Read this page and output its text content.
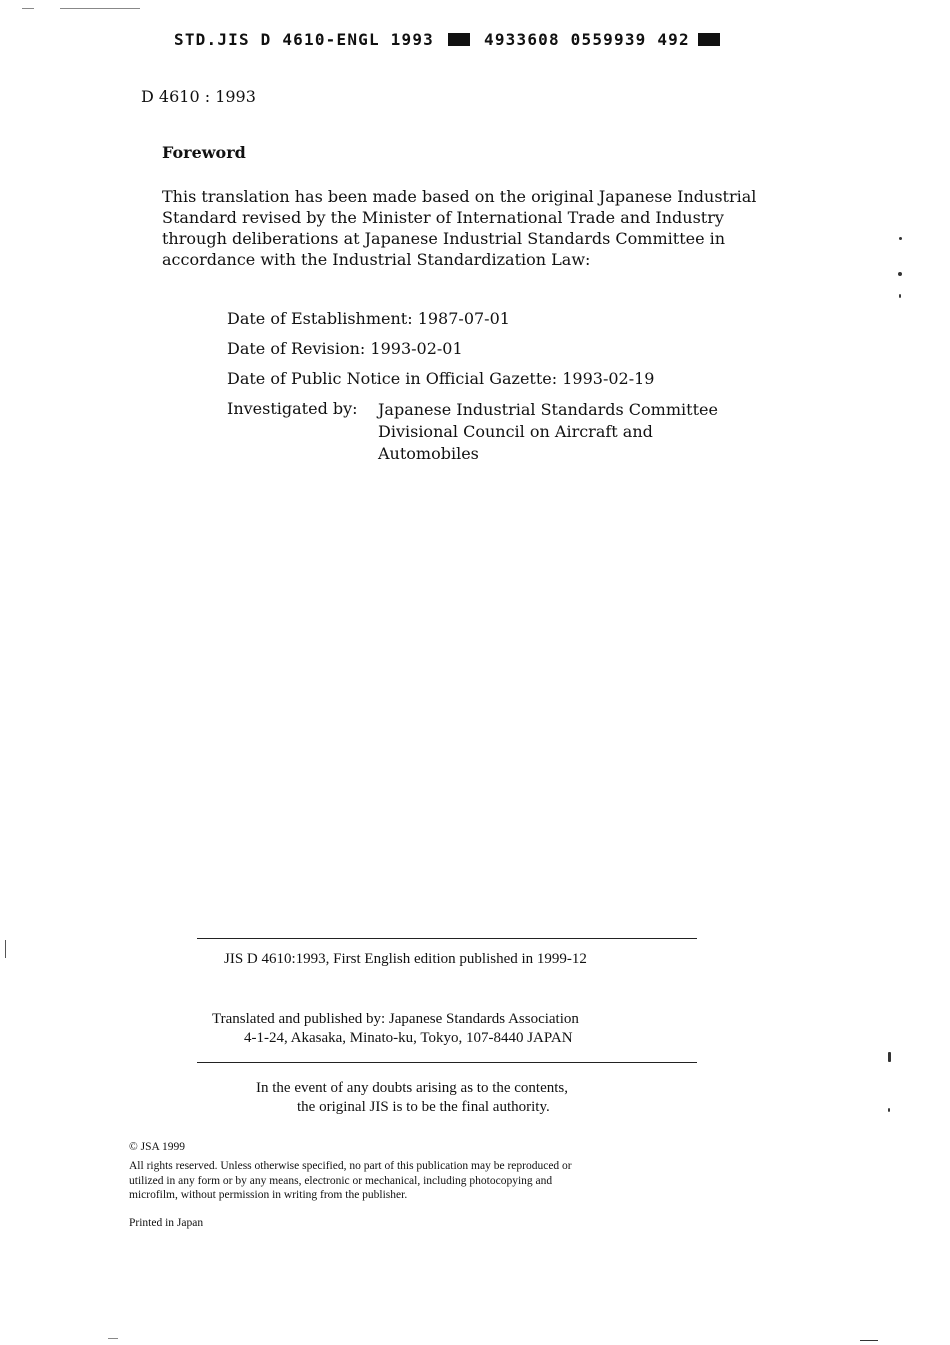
STD.JIS D 4610-ENGL 1993	4933608 0559939 492
D 4610 : 1993
Foreword
This translation has been made based on the original Japanese Industrial
Standard revised by the Minister of International Trade and Industry
through deliberations at Japanese Industrial Standards Committee in
accordance with the Industrial Standardization Law:
Date of Establishment: 1987-07-01
Date of Revision: 1993-02-01
Date of Public Notice in Official Gazette: 1993-02-19
Investigated by: Japanese Industrial Standards Committee
Divisional Council on Aircraft and
Automobiles
JIS D 4610:1993, First English edition published in 1999-12
Translated and published by: Japanese Standards Association
4-1-24, Akasaka, Minato-ku, Tokyo, 107-8440 JAPAN
In the event of any doubts arising as to the contents,
the original JIS is to be the final authority.
© JSA 1999
All rights reserved. Unless otherwise specified, no part of this publication may be reproduced or
utilized in any form or by any means, electronic or mechanical, including photocopying and
microfilm, without permission in writing from the publisher.
Printed in Japan
